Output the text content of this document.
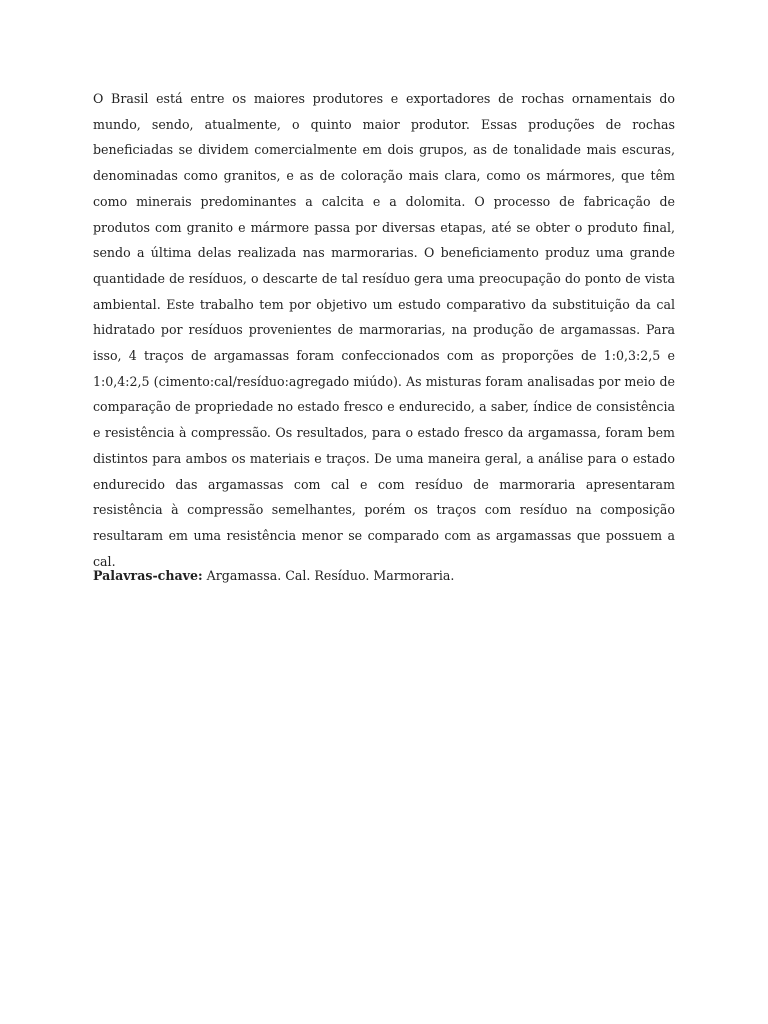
O Brasil está entre os maiores produtores e exportadores de rochas ornamentais do mundo, sendo, atualmente, o quinto maior produtor. Essas produções de rochas beneficiadas se dividem comercialmente em dois grupos, as de tonalidade mais escuras, denominadas como granitos, e as de coloração mais clara, como os mármores, que têm como minerais predominantes a calcita e a dolomita. O processo de fabricação de produtos com granito e mármore passa por diversas etapas, até se obter o produto final, sendo a última delas realizada nas marmorarias. O beneficiamento produz uma grande quantidade de resíduos, o descarte de tal resíduo gera uma preocupação do ponto de vista ambiental. Este trabalho tem por objetivo um estudo comparativo da substituição da cal hidratado por resíduos provenientes de marmorarias, na produção de argamassas. Para isso, 4 traços de argamassas foram confeccionados com as proporções de 1:0,3:2,5 e 1:0,4:2,5 (cimento:cal/resíduo:agregado miúdo). As misturas foram analisadas por meio de comparação de propriedade no estado fresco e endurecido, a saber, índice de consistência e resistência à compressão. Os resultados, para o estado fresco da argamassa, foram bem distintos para ambos os materiais e traços. De uma maneira geral, a análise para o estado endurecido das argamassas com cal e com resíduo de marmoraria apresentaram resistência à compressão semelhantes, porém os traços com resíduo na composição resultaram em uma resistência menor se comparado com as argamassas que possuem a cal.

Palavras-chave: Argamassa. Cal. Resíduo. Marmoraria.
